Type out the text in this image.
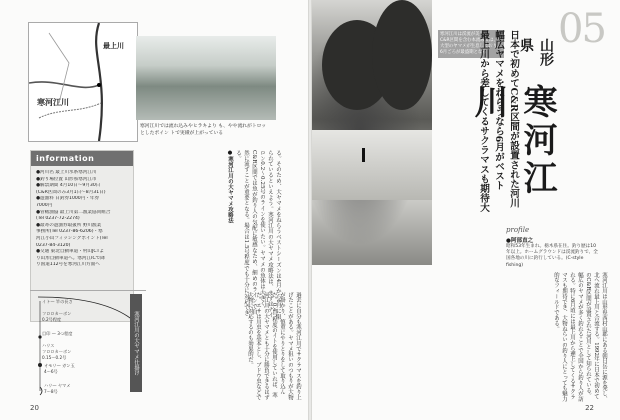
最上川
寒河江川
寒河江川では流れ込みやヒラキより も、やや流れがトロッとしたポイン トで実績が上がっている
information
●河川名 最上川水系寒河江川
●釣り場位置 山形県寒河江市
●解禁期間 4月10日〜9月30日
(C&R区間のみ3月1日〜8月31日)
●遊漁料 日釣券1000円・年券
7000円
●管轄漁協 最上川第二漁業協同組合
(Tel 0237-72-2274)
●最寄の遊漁券取扱所 野川漁業
事務所(Tel 0237-86-6206)・寒
河江小山フィッシングポイント(Tel
0237-84-3120)
●交通 東北自動車道・村山JCTよ
り山形自動車道へ。寒河江ICで降
り国道112号を寒河江川方面へ	る。そのため、大ヤマメをねらうベストシーズンは4月から6月に限られているといえよう。寒河江川の大ヤマメ攻略法は、まずはナイロン0.2〜0.25号のラインを使いたい。ヤマメの魚体は大きく、C&R区間では魚が釣り人の気配に敏感なため、細めのラインで自然に流すことが重要となる。場合は1.5号程度でも十分に対応できる。

●寒河江川の大ヤマメ攻略法

イト— 竿の長さ
フロロカーボン
0.2号程度
目印 — 3つ程度
ハリス
フロロカーボン
0.15〜0.2号
オモリ— ガン玉
4〜6号
ハリ— ヤマメ
7〜8号
寒河江川の大ヤマメ仕掛け	過去に自分も寒河江川でサクラマスを釣り上げたことがある。ヤマメ狙いのつもりが大物が掛かり、慎重にやりとりをして取り込んだ。0.4号程度のイトを使用していれば、寒河江川の大ヤマメとも十分に勝負できるはずだ。エサは川虫を基本とし、ブドウ虫などで大物に対応するのも効果的だ。
20
寒河江川は渓流が美しい。C&R区間を含む本流域では、大型のヤマメが生息しており、6月ごろが最盛期となる
05
山形県
寒河江川 日本で初めてC&R区間が設置された河川
幅広ヤマメをねらうなら6月がベスト
最上川から差してくるサクラマスも期待大
profile
●阿部直之
昭和53年生まれ。栃木県在住。釣り歴は10年以上。ホームグラウンドは渓流釣りで、全国各地の川に釣行している。(C-style fishing)
寒河江川は山形県西村山郡にある朝日岳に源を発し、北へ流れ最上川と合流する。1992年に日本で初めてのC&R区間が設置された河川として知られている。幅広のヤマメが多く釣れることで全国から釣り人が訪れる。特に6月頃には最上川から遡上してくるサクラマスも期待でき、大物ねらいの釣り人にとっても魅力的なフィールドである。
22
